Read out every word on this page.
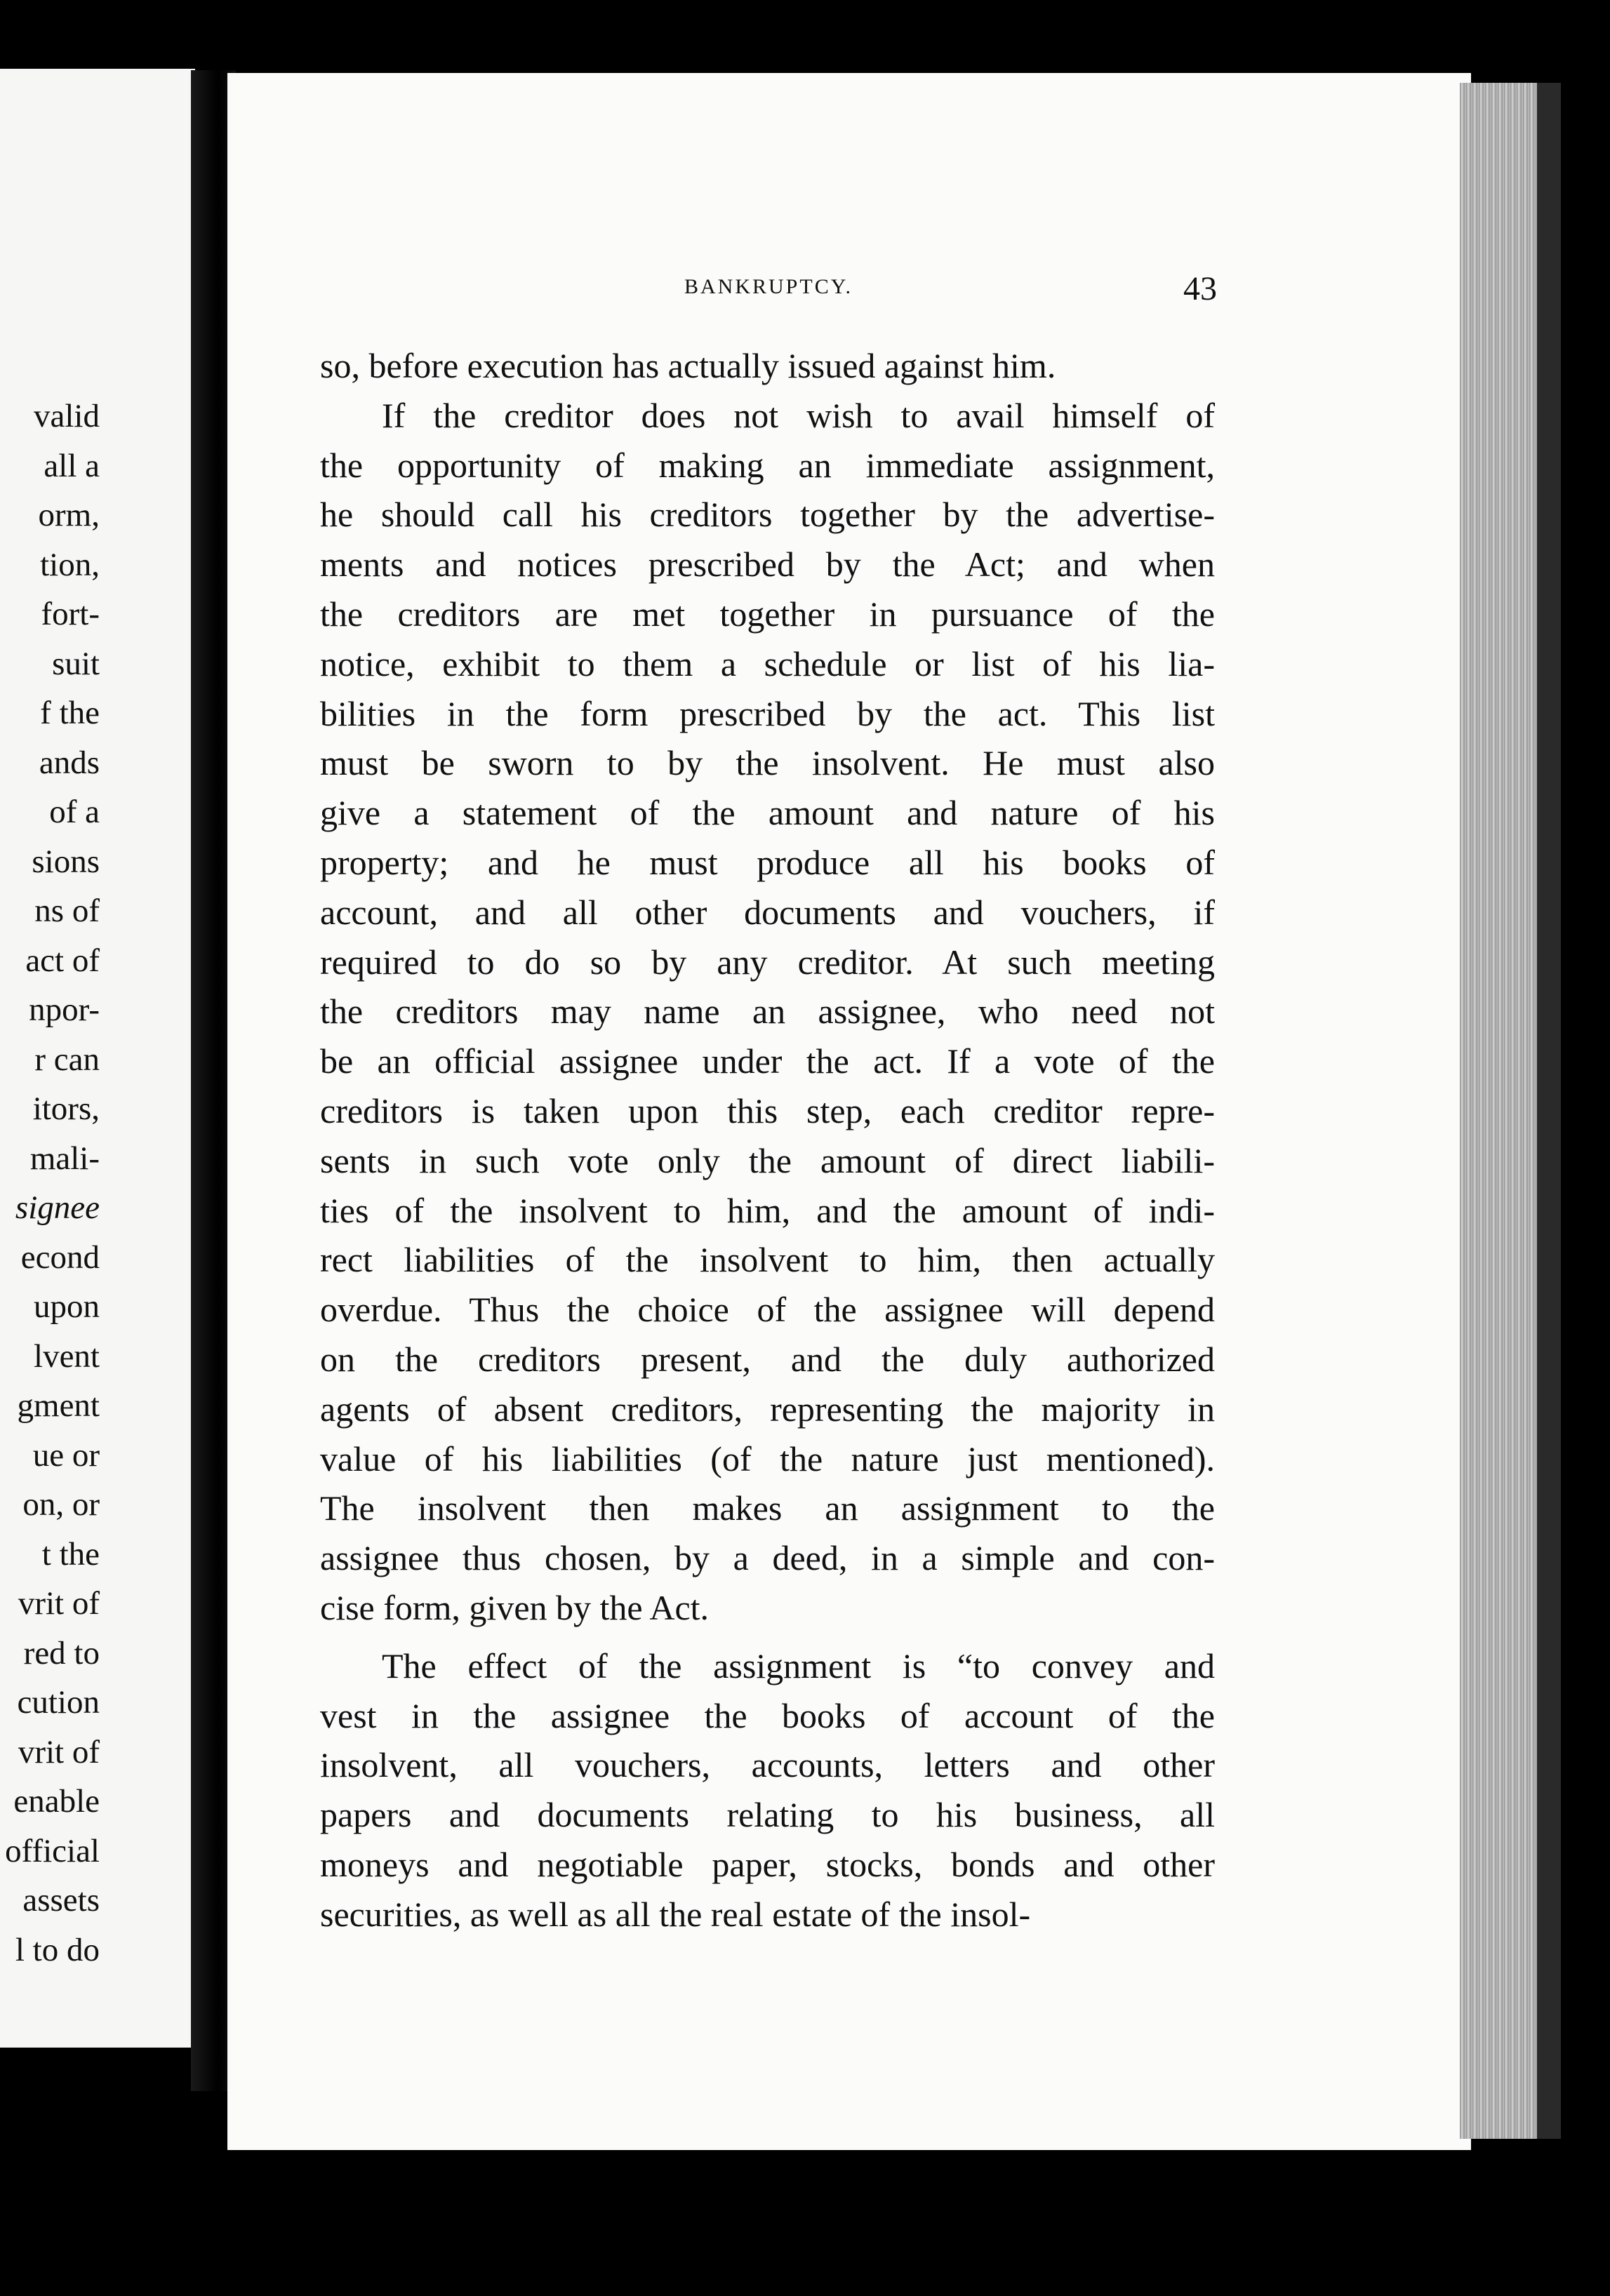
valid
all a
orm,
tion,
fort-
suit
f the
ands
of a
sions
ns of
act of
npor-
r can
itors,
mali-
signee
econd
upon
lvent
gment
ue or
on, or
t the
vrit of
red to
cution
vrit of
enable
official
assets
l to do
BANKRUPTCY.	43
so, before execution has actually issued against him.
If the creditor does not wish to avail himself of
the opportunity of making an immediate assignment,
he should call his creditors together by the advertise-
ments and notices prescribed by the Act; and when
the creditors are met together in pursuance of the
notice, exhibit to them a schedule or list of his lia-
bilities in the form prescribed by the act. This list
must be sworn to by the insolvent. He must also
give a statement of the amount and nature of his
property; and he must produce all his books of
account, and all other documents and vouchers, if
required to do so by any creditor. At such meeting
the creditors may name an assignee, who need not
be an official assignee under the act. If a vote of the
creditors is taken upon this step, each creditor repre-
sents in such vote only the amount of direct liabili-
ties of the insolvent to him, and the amount of indi-
rect liabilities of the insolvent to him, then actually
overdue. Thus the choice of the assignee will depend
on the creditors present, and the duly authorized
agents of absent creditors, representing the majority in
value of his liabilities (of the nature just mentioned).
The insolvent then makes an assignment to the
assignee thus chosen, by a deed, in a simple and con-
cise form, given by the Act.
The effect of the assignment is “to convey and
vest in the assignee the books of account of the
insolvent, all vouchers, accounts, letters and other
papers and documents relating to his business, all
moneys and negotiable paper, stocks, bonds and other
securities, as well as all the real estate of the insol-
